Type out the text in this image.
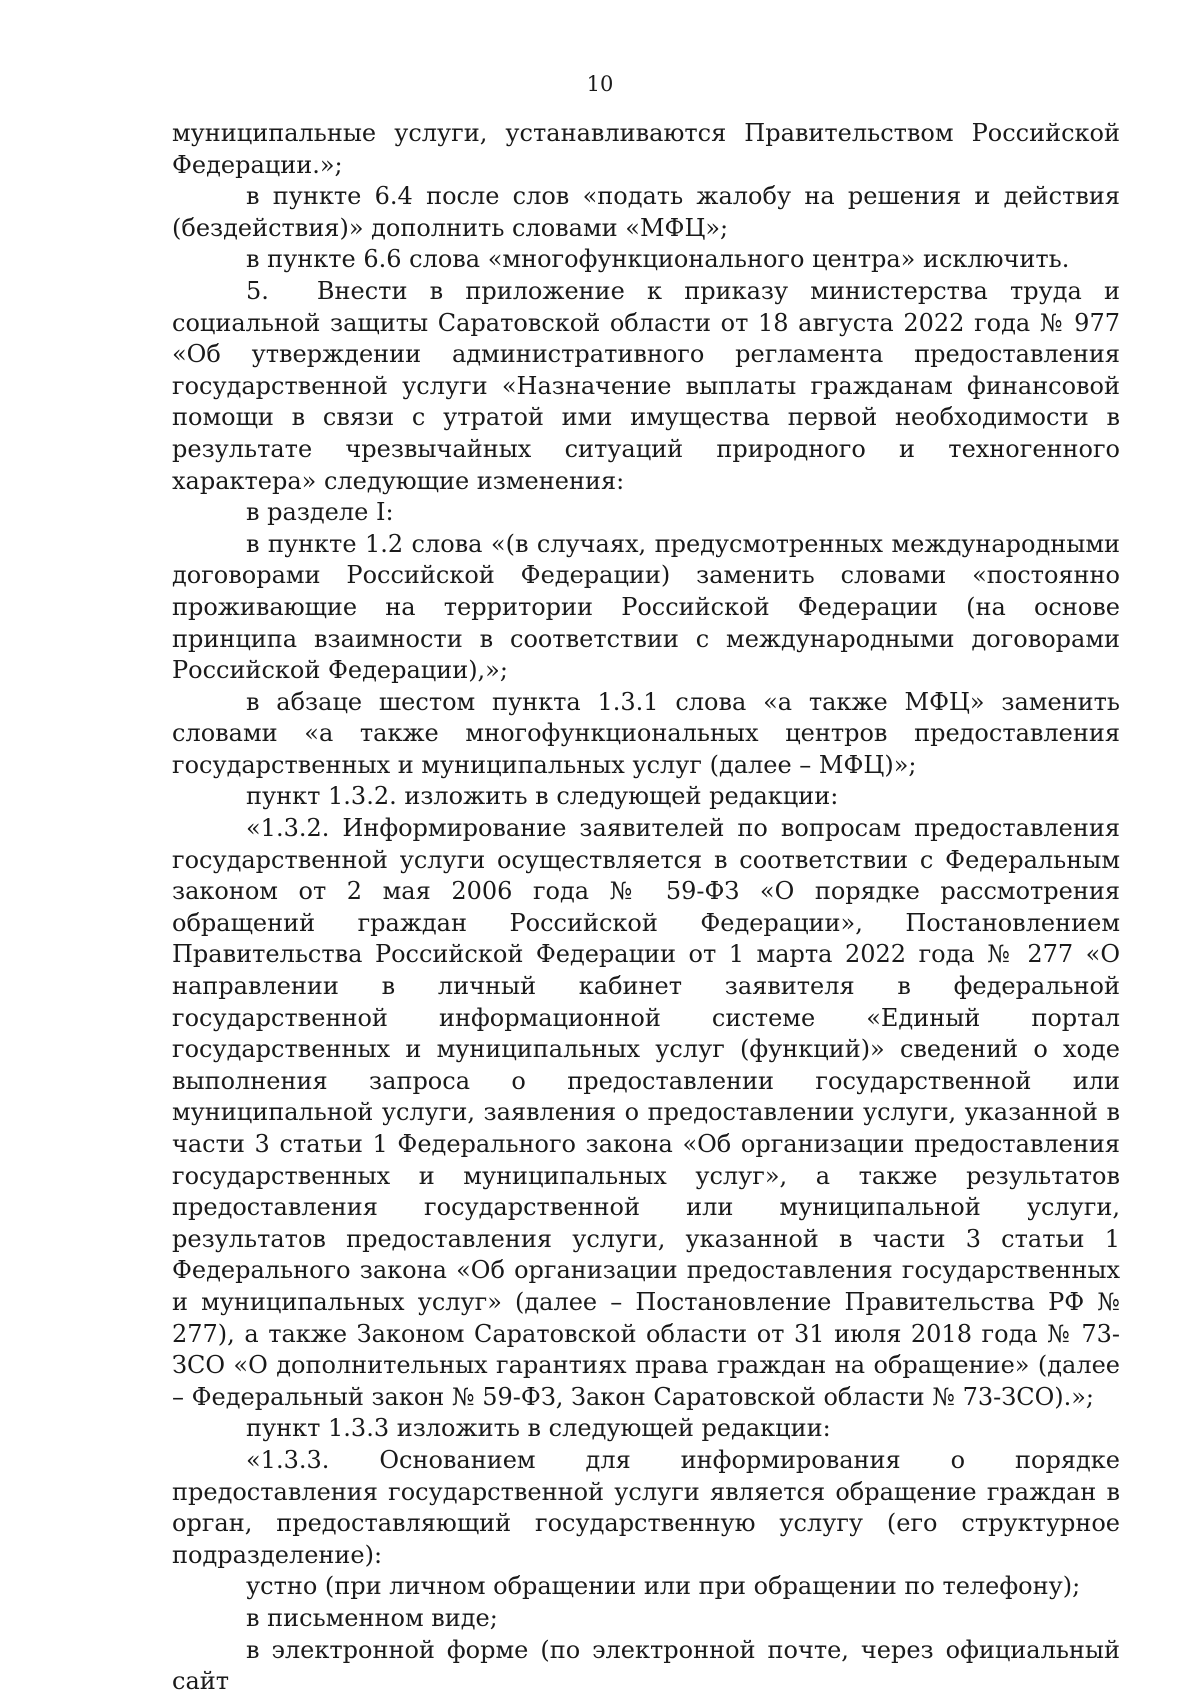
10

муниципальные услуги, устанавливаются Правительством Российской Федерации.»;

в пункте 6.4 после слов «подать жалобу на решения и действия (бездействия)» дополнить словами «МФЦ»;

в пункте 6.6 слова «многофункционального центра» исключить.

5.  Внести в приложение к приказу министерства труда и социальной защиты Саратовской области от 18 августа 2022 года № 977 «Об утверждении административного регламента предоставления государственной услуги «Назначение выплаты гражданам финансовой помощи в связи с утратой ими имущества первой необходимости в результате чрезвычайных ситуаций природного и техногенного характера» следующие изменения:

в разделе I:

в пункте 1.2 слова «(в случаях, предусмотренных международными договорами Российской Федерации) заменить словами «постоянно проживающие на территории Российской Федерации (на основе принципа взаимности в соответствии с международными договорами Российской Федерации),»;

в абзаце шестом пункта 1.3.1 слова «а также МФЦ» заменить словами «а также многофункциональных центров предоставления государственных и муниципальных услуг (далее – МФЦ)»;

пункт 1.3.2. изложить в следующей редакции:

«1.3.2. Информирование заявителей по вопросам предоставления государственной услуги осуществляется в соответствии с Федеральным законом от 2 мая 2006 года № 59-ФЗ «О порядке рассмотрения обращений граждан Российской Федерации», Постановлением Правительства Российской Федерации от 1 марта 2022 года № 277 «О направлении в личный кабинет заявителя в федеральной государственной информационной системе «Единый портал государственных и муниципальных услуг (функций)» сведений о ходе выполнения запроса о предоставлении государственной или муниципальной услуги, заявления о предоставлении услуги, указанной в части 3 статьи 1 Федерального закона «Об организации предоставления государственных и муниципальных услуг», а также результатов предоставления государственной или муниципальной услуги, результатов предоставления услуги, указанной в части 3 статьи 1 Федерального закона «Об организации предоставления государственных и муниципальных услуг» (далее – Постановление Правительства РФ № 277), а также Законом Саратовской области от 31 июля 2018 года № 73-ЗСО «О дополнительных гарантиях права граждан на обращение» (далее – Федеральный закон № 59-ФЗ, Закон Саратовской области № 73-ЗСО).»;

пункт 1.3.3 изложить в следующей редакции:

«1.3.3. Основанием для информирования о порядке предоставления государственной услуги является обращение граждан в орган, предоставляющий государственную услугу (его структурное подразделение):

устно (при личном обращении или при обращении по телефону);

в письменном виде;

в электронной форме (по электронной почте, через официальный сайт
